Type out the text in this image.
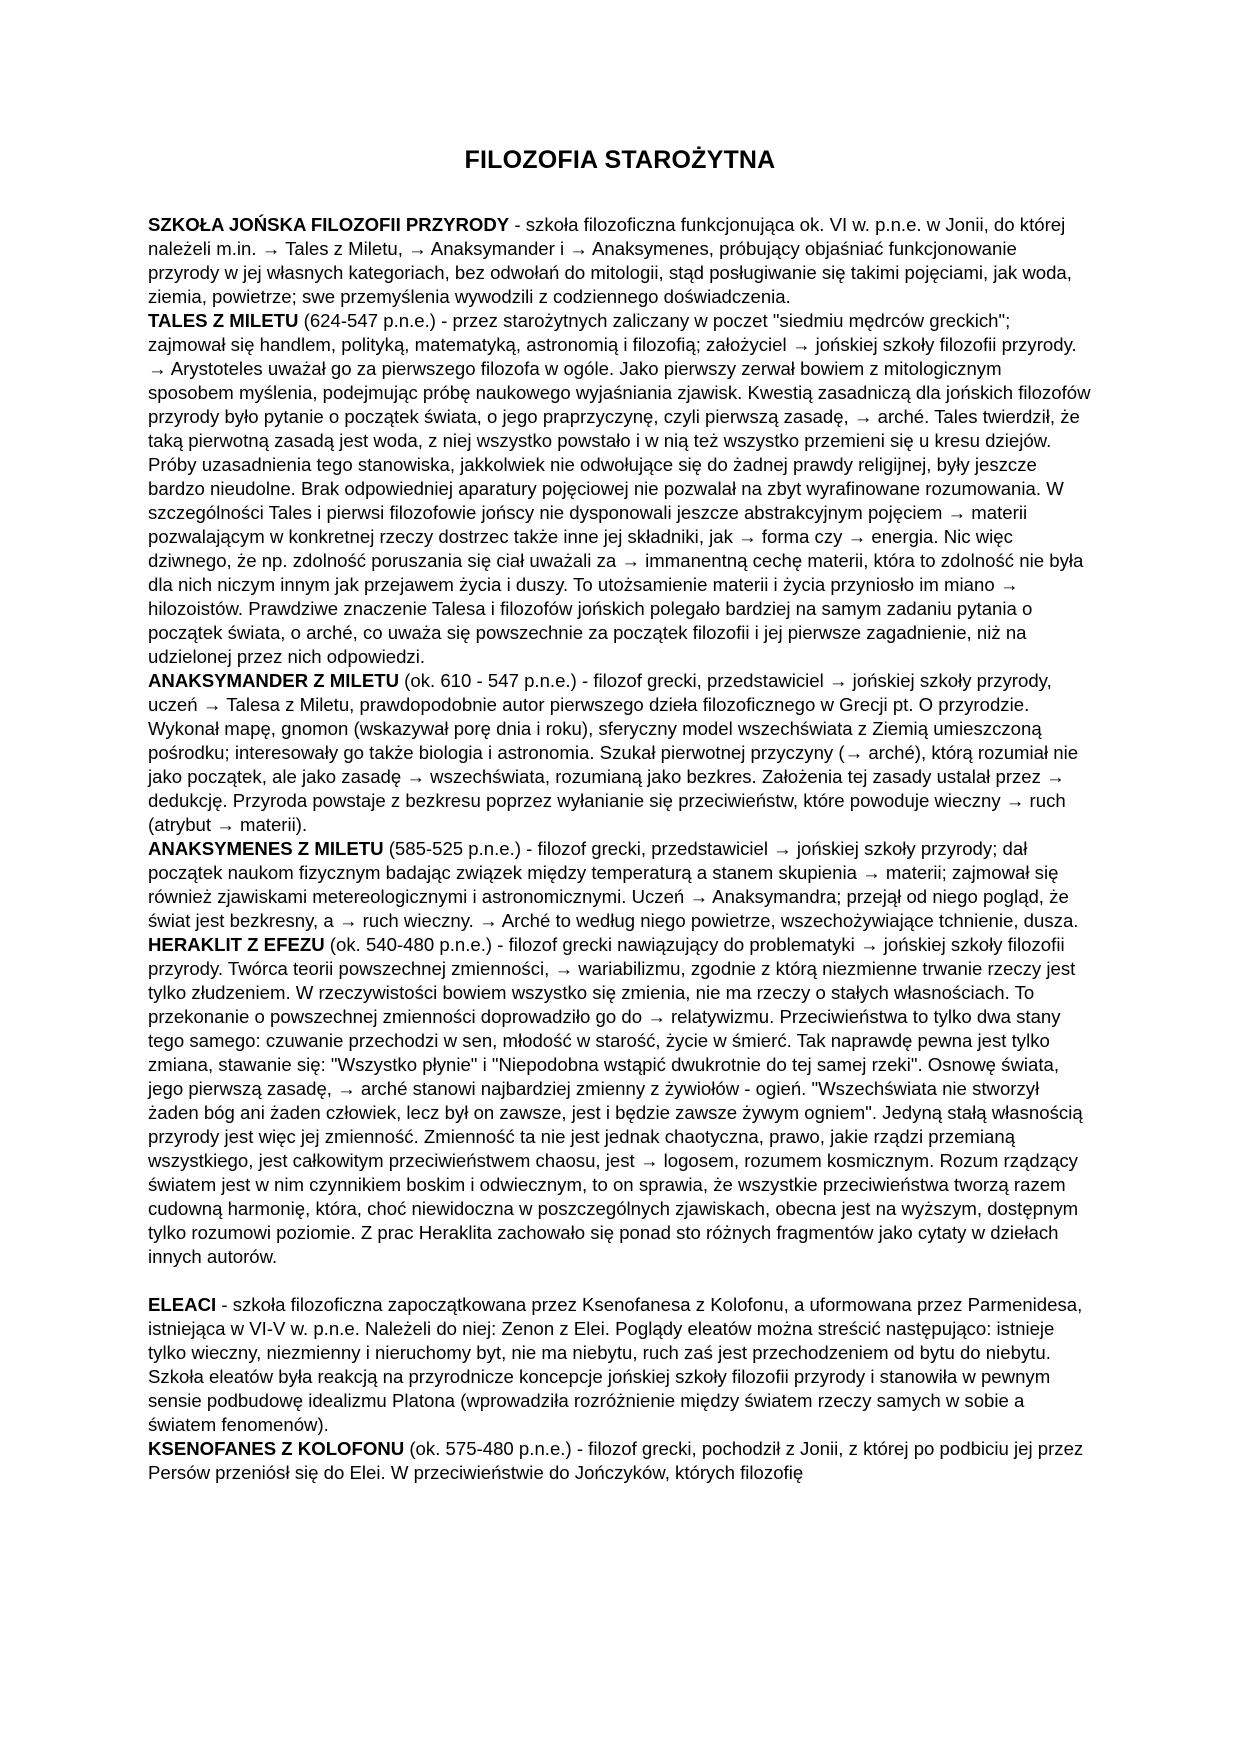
FILOZOFIA STAROŻYTNA

SZKOŁA JOŃSKA FILOZOFII PRZYRODY - szkoła filozoficzna funkcjonująca ok. VI w. p.n.e. w Jonii, do której należeli m.in. → Tales z Miletu, → Anaksymander i → Anaksymenes, próbujący objaśniać funkcjonowanie przyrody w jej własnych kategoriach, bez odwołań do mitologii, stąd posługiwanie się takimi pojęciami, jak woda, ziemia, powietrze; swe przemyślenia wywodzili z codziennego doświadczenia.

TALES Z MILETU (624-547 p.n.e.) - przez starożytnych zaliczany w poczet "siedmiu mędrców greckich"; zajmował się handlem, polityką, matematyką, astronomią i filozofią; założyciel → jońskiej szkoły filozofii przyrody. → Arystoteles uważał go za pierwszego filozofa w ogóle. Jako pierwszy zerwał bowiem z mitologicznym sposobem myślenia, podejmując próbę naukowego wyjaśniania zjawisk. Kwestią zasadniczą dla jońskich filozofów przyrody było pytanie o początek świata, o jego praprzyczynę, czyli pierwszą zasadę, → arché. Tales twierdził, że taką pierwotną zasadą jest woda, z niej wszystko powstało i w nią też wszystko przemieni się u kresu dziejów. Próby uzasadnienia tego stanowiska, jakkolwiek nie odwołujące się do żadnej prawdy religijnej, były jeszcze bardzo nieudolne. Brak odpowiedniej aparatury pojęciowej nie pozwalał na zbyt wyrafinowane rozumowania. W szczególności Tales i pierwsi filozofowie jońscy nie dysponowali jeszcze abstrakcyjnym pojęciem → materii pozwalającym w konkretnej rzeczy dostrzec także inne jej składniki, jak → forma czy → energia. Nic więc dziwnego, że np. zdolność poruszania się ciał uważali za → immanentną cechę materii, która to zdolność nie była dla nich niczym innym jak przejawem życia i duszy. To utożsamienie materii i życia przyniosło im miano → hilozoistów. Prawdziwe znaczenie Talesa i filozofów jońskich polegało bardziej na samym zadaniu pytania o początek świata, o arché, co uważa się powszechnie za początek filozofii i jej pierwsze zagadnienie, niż na udzielonej przez nich odpowiedzi.

ANAKSYMANDER Z MILETU (ok. 610 - 547 p.n.e.) - filozof grecki, przedstawiciel → jońskiej szkoły przyrody, uczeń → Talesa z Miletu, prawdopodobnie autor pierwszego dzieła filozoficznego w Grecji pt. O przyrodzie. Wykonał mapę, gnomon (wskazywał porę dnia i roku), sferyczny model wszechświata z Ziemią umieszczoną pośrodku; interesowały go także biologia i astronomia. Szukał pierwotnej przyczyny (→ arché), którą rozumiał nie jako początek, ale jako zasadę → wszechświata, rozumianą jako bezkres. Założenia tej zasady ustalał przez → dedukcję. Przyroda powstaje z bezkresu poprzez wyłanianie się przeciwieństw, które powoduje wieczny → ruch (atrybut → materii).

ANAKSYMENES Z MILETU (585-525 p.n.e.) - filozof grecki, przedstawiciel → jońskiej szkoły przyrody; dał początek naukom fizycznym badając związek między temperaturą a stanem skupienia → materii; zajmował się również zjawiskami metereologicznymi i astronomicznymi. Uczeń → Anaksymandra; przejął od niego pogląd, że świat jest bezkresny, a → ruch wieczny. → Arché to według niego powietrze, wszechożywiające tchnienie, dusza.

HERAKLIT Z EFEZU (ok. 540-480 p.n.e.) - filozof grecki nawiązujący do problematyki → jońskiej szkoły filozofii przyrody. Twórca teorii powszechnej zmienności, → wariabilizmu, zgodnie z którą niezmienne trwanie rzeczy jest tylko złudzeniem. W rzeczywistości bowiem wszystko się zmienia, nie ma rzeczy o stałych własnościach. To przekonanie o powszechnej zmienności doprowadziło go do → relatywizmu. Przeciwieństwa to tylko dwa stany tego samego: czuwanie przechodzi w sen, młodość w starość, życie w śmierć. Tak naprawdę pewna jest tylko zmiana, stawanie się: "Wszystko płynie" i "Niepodobna wstąpić dwukrotnie do tej samej rzeki". Osnowę świata, jego pierwszą zasadę, → arché stanowi najbardziej zmienny z żywiołów - ogień. "Wszechświata nie stworzył żaden bóg ani żaden człowiek, lecz był on zawsze, jest i będzie zawsze żywym ogniem". Jedyną stałą własnością przyrody jest więc jej zmienność. Zmienność ta nie jest jednak chaotyczna, prawo, jakie rządzi przemianą wszystkiego, jest całkowitym przeciwieństwem chaosu, jest → logosem, rozumem kosmicznym. Rozum rządzący światem jest w nim czynnikiem boskim i odwiecznym, to on sprawia, że wszystkie przeciwieństwa tworzą razem cudowną harmonię, która, choć niewidoczna w poszczególnych zjawiskach, obecna jest na wyższym, dostępnym tylko rozumowi poziomie. Z prac Heraklita zachowało się ponad sto różnych fragmentów jako cytaty w dziełach innych autorów.

ELEACI - szkoła filozoficzna zapoczątkowana przez Ksenofanesa z Kolofonu, a uformowana przez Parmenidesa, istniejąca w VI-V w. p.n.e. Należeli do niej: Zenon z Elei. Poglądy eleatów można streścić następująco: istnieje tylko wieczny, niezmienny i nieruchomy byt, nie ma niebytu, ruch zaś jest przechodzeniem od bytu do niebytu. Szkoła eleatów była reakcją na przyrodnicze koncepcje jońskiej szkoły filozofii przyrody i stanowiła w pewnym sensie podbudowę idealizmu Platona (wprowadziła rozróżnienie między światem rzeczy samych w sobie a światem fenomenów).

KSENOFANES Z KOLOFONU (ok. 575-480 p.n.e.) - filozof grecki, pochodził z Jonii, z której po podbiciu jej przez Persów przeniósł się do Elei. W przeciwieństwie do Jończyków, których filozofię
